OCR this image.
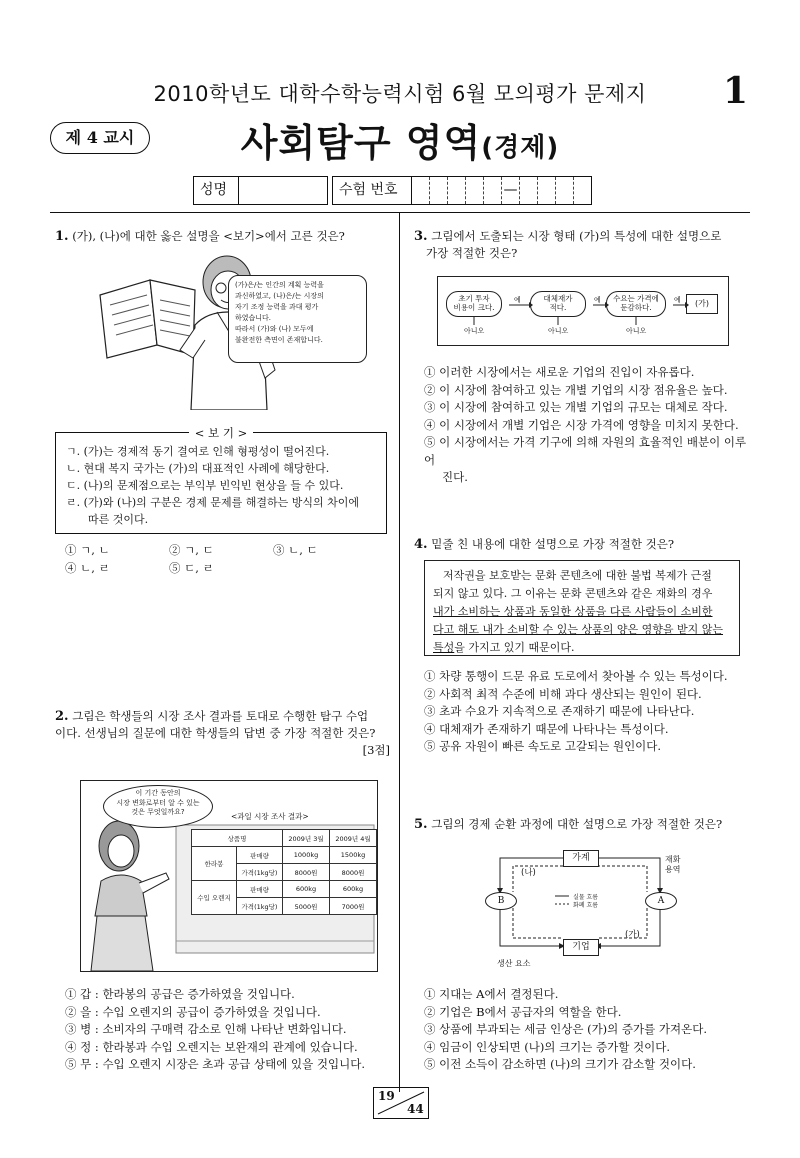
2010학년도 대학수학능력시험 6월 모의평가 문제지	1
제 4 교시	사회탐구 영역(경제)
성명	수험 번호	—
1. (가), (나)에 대한 옳은 설명을 <보기>에서 고른 것은?
(가)은/는 인간의 계획 능력을
과신하였고, (나)은/는 시장의
자기 조정 능력을 과대 평가
하였습니다.
따라서 (가)와 (나) 모두에
불완전한 측면이 존재합니다.
< 보 기 >
ㄱ. (가)는 경제적 동기 결여로 인해 형평성이 떨어진다.
ㄴ. 현대 복지 국가는 (가)의 대표적인 사례에 해당한다.
ㄷ. (나)의 문제점으로는 부익부 빈익빈 현상을 들 수 있다.
ㄹ. (가)와 (나)의 구분은 경제 문제를 해결하는 방식의 차이에
따른 것이다.
① ㄱ, ㄴ	② ㄱ, ㄷ	③ ㄴ, ㄷ
④ ㄴ, ㄹ	⑤ ㄷ, ㄹ
2. 그림은 학생들의 시장 조사 결과를 토대로 수행한 탐구 수업
이다. 선생님의 질문에 대한 학생들의 답변 중 가장 적절한 것은?
[3점]
이 기간 동안의
시장 변화로부터 알 수 있는
것은 무엇일까요?	<과일 시장 조사 결과>
상품명		2009년 3월	2009년 4월
한라봉	판매량	1000kg	1500kg
	가격(1kg당)	8000원	8000원
수입 오렌지	판매량	600kg	600kg
	가격(1kg당)	5000원	7000원
① 갑 : 한라봉의 공급은 증가하였을 것입니다.
② 을 : 수입 오렌지의 공급이 증가하였을 것입니다.
③ 병 : 소비자의 구매력 감소로 인해 나타난 변화입니다.
④ 정 : 한라봉과 수입 오렌지는 보완재의 관계에 있습니다.
⑤ 무 : 수입 오렌지 시장은 초과 공급 상태에 있을 것입니다.
3. 그림에서 도출되는 시장 형태 (가)의 특성에 대한 설명으로
가장 적절한 것은?
초기 투자
비용이 크다.
대체재가
적다.
수요는 가격에
둔감하다.	(가)
예	예	예
아니오	아니오	아니오
① 이러한 시장에서는 새로운 기업의 진입이 자유롭다.
② 이 시장에 참여하고 있는 개별 기업의 시장 점유율은 높다.
③ 이 시장에 참여하고 있는 개별 기업의 규모는 대체로 작다.
④ 이 시장에서 개별 기업은 시장 가격에 영향을 미치지 못한다.
⑤ 이 시장에서는 가격 기구에 의해 자원의 효율적인 배분이 이루어
진다.
4. 밑줄 친 내용에 대한 설명으로 가장 적절한 것은?
저작권을 보호받는 문화 콘텐츠에 대한 불법 복제가 근절
되지 않고 있다. 그 이유는 문화 콘텐츠와 같은 재화의 경우
내가 소비하는 상품과 동일한 상품을 다른 사람들이 소비한
다고 해도 내가 소비할 수 있는 상품의 양은 영향을 받지 않는
특성을 가지고 있기 때문이다.
① 차량 통행이 드문 유료 도로에서 찾아볼 수 있는 특성이다.
② 사회적 최적 수준에 비해 과다 생산되는 원인이 된다.
③ 초과 수요가 지속적으로 존재하기 때문에 나타난다.
④ 대체재가 존재하기 때문에 나타나는 특성이다.
⑤ 공유 자원이 빠른 속도로 고갈되는 원인이다.
5. 그림의 경제 순환 과정에 대한 설명으로 가장 적절한 것은?
가계
기업
B	A
(나)
(가)
재화
용역
생산 요소
실물 흐름
화폐 흐름
① 지대는 A에서 결정된다.
② 기업은 B에서 공급자의 역할을 한다.
③ 상품에 부과되는 세금 인상은 (가)의 증가를 가져온다.
④ 임금이 인상되면 (나)의 크기는 증가할 것이다.
⑤ 이전 소득이 감소하면 (나)의 크기가 감소할 것이다.
19
44
